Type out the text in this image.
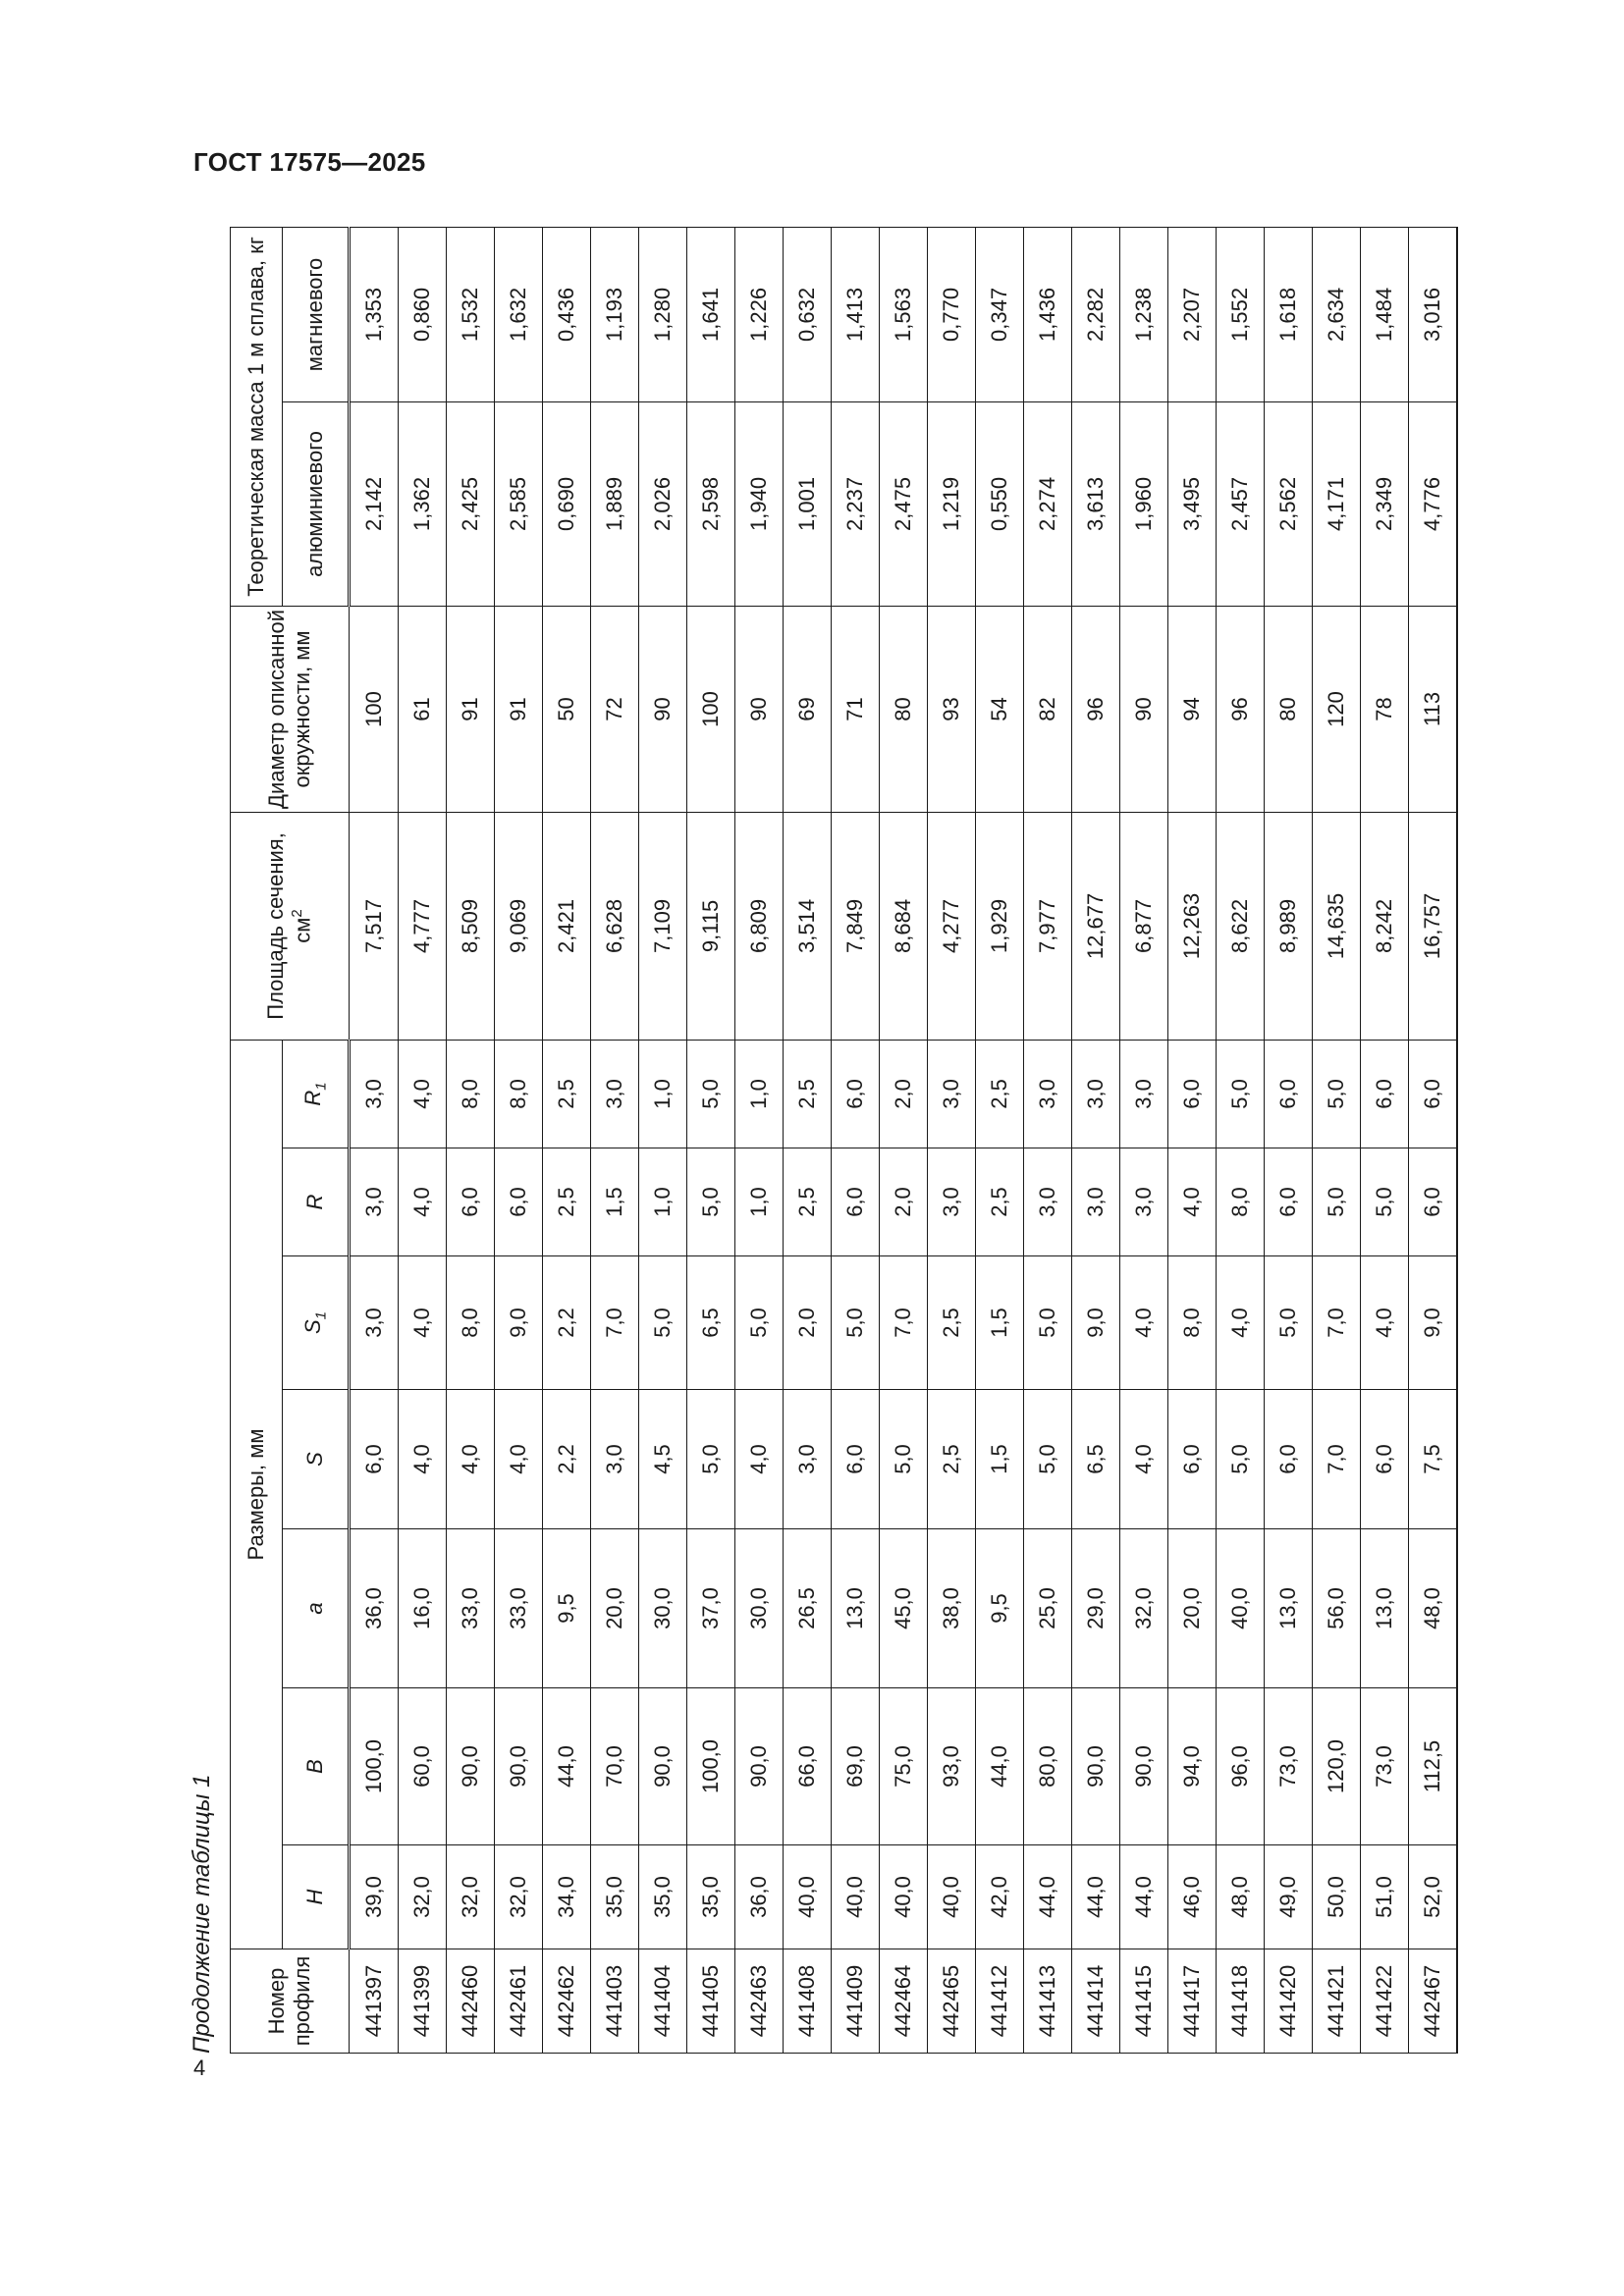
ГОСТ 17575—2025
Продолжение таблицы 1	Номер профиля	Размеры, мм							Площадь сечения, $см^2$	Диаметр описанной окружности, мм	Теоретическая масса 1 м сплава, кг	
	H	B	a	S	$S_1$	R	$R_1$			алюминиевого	магниевого
441397	39,0	100,0	36,0	6,0	3,0	3,0	3,0	7,517	100	2,142	1,353
441399	32,0	60,0	16,0	4,0	4,0	4,0	4,0	4,777	61	1,362	0,860
442460	32,0	90,0	33,0	4,0	8,0	6,0	8,0	8,509	91	2,425	1,532
442461	32,0	90,0	33,0	4,0	9,0	6,0	8,0	9,069	91	2,585	1,632
442462	34,0	44,0	9,5	2,2	2,2	2,5	2,5	2,421	50	0,690	0,436
441403	35,0	70,0	20,0	3,0	7,0	1,5	3,0	6,628	72	1,889	1,193
441404	35,0	90,0	30,0	4,5	5,0	1,0	1,0	7,109	90	2,026	1,280
441405	35,0	100,0	37,0	5,0	6,5	5,0	5,0	9,115	100	2,598	1,641
442463	36,0	90,0	30,0	4,0	5,0	1,0	1,0	6,809	90	1,940	1,226
441408	40,0	66,0	26,5	3,0	2,0	2,5	2,5	3,514	69	1,001	0,632
441409	40,0	69,0	13,0	6,0	5,0	6,0	6,0	7,849	71	2,237	1,413
442464	40,0	75,0	45,0	5,0	7,0	2,0	2,0	8,684	80	2,475	1,563
442465	40,0	93,0	38,0	2,5	2,5	3,0	3,0	4,277	93	1,219	0,770
441412	42,0	44,0	9,5	1,5	1,5	2,5	2,5	1,929	54	0,550	0,347
441413	44,0	80,0	25,0	5,0	5,0	3,0	3,0	7,977	82	2,274	1,436
441414	44,0	90,0	29,0	6,5	9,0	3,0	3,0	12,677	96	3,613	2,282
441415	44,0	90,0	32,0	4,0	4,0	3,0	3,0	6,877	90	1,960	1,238
441417	46,0	94,0	20,0	6,0	8,0	4,0	6,0	12,263	94	3,495	2,207
441418	48,0	96,0	40,0	5,0	4,0	8,0	5,0	8,622	96	2,457	1,552
441420	49,0	73,0	13,0	6,0	5,0	6,0	6,0	8,989	80	2,562	1,618
441421	50,0	120,0	56,0	7,0	7,0	5,0	5,0	14,635	120	4,171	2,634
441422	51,0	73,0	13,0	6,0	4,0	5,0	6,0	8,242	78	2,349	1,484
442467	52,0	112,5	48,0	7,5	9,0	6,0	6,0	16,757	113	4,776	3,016
4
